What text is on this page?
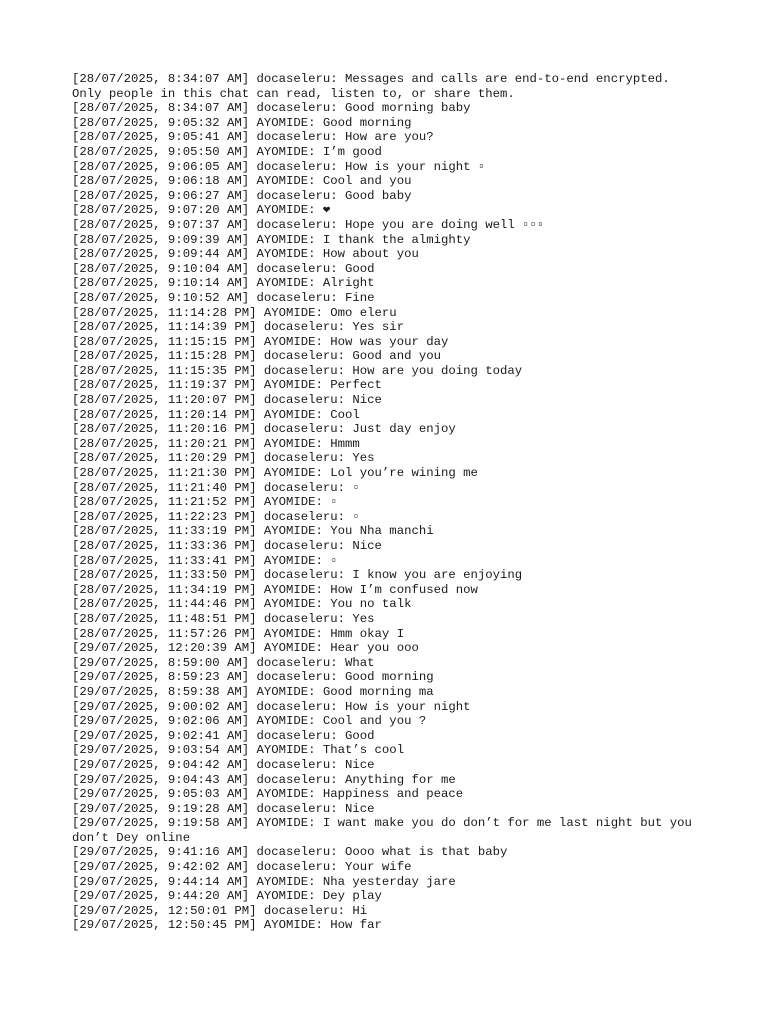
[28/07/2025, 8:34:07 AM] docaseleru: Messages and calls are end-to-end encrypted. Only people in this chat can read, listen to, or share them.
[28/07/2025, 8:34:07 AM] docaseleru: Good morning baby
[28/07/2025, 9:05:32 AM] AYOMIDE: Good morning
[28/07/2025, 9:05:41 AM] docaseleru: How are you?
[28/07/2025, 9:05:50 AM] AYOMIDE: I’m good
[28/07/2025, 9:06:05 AM] docaseleru: How is your night ▫
[28/07/2025, 9:06:18 AM] AYOMIDE: Cool and you
[28/07/2025, 9:06:27 AM] docaseleru: Good baby
[28/07/2025, 9:07:20 AM] AYOMIDE: ❤
[28/07/2025, 9:07:37 AM] docaseleru: Hope you are doing well ▫▫▫
[28/07/2025, 9:09:39 AM] AYOMIDE: I thank the almighty
[28/07/2025, 9:09:44 AM] AYOMIDE: How about you
[28/07/2025, 9:10:04 AM] docaseleru: Good
[28/07/2025, 9:10:14 AM] AYOMIDE: Alright
[28/07/2025, 9:10:52 AM] docaseleru: Fine
[28/07/2025, 11:14:28 PM] AYOMIDE: Omo eleru
[28/07/2025, 11:14:39 PM] docaseleru: Yes sir
[28/07/2025, 11:15:15 PM] AYOMIDE: How was your day
[28/07/2025, 11:15:28 PM] docaseleru: Good and you
[28/07/2025, 11:15:35 PM] docaseleru: How are you doing today
[28/07/2025, 11:19:37 PM] AYOMIDE: Perfect
[28/07/2025, 11:20:07 PM] docaseleru: Nice
[28/07/2025, 11:20:14 PM] AYOMIDE: Cool
[28/07/2025, 11:20:16 PM] docaseleru: Just day enjoy
[28/07/2025, 11:20:21 PM] AYOMIDE: Hmmm
[28/07/2025, 11:20:29 PM] docaseleru: Yes
[28/07/2025, 11:21:30 PM] AYOMIDE: Lol you’re wining me
[28/07/2025, 11:21:40 PM] docaseleru: ▫
[28/07/2025, 11:21:52 PM] AYOMIDE: ▫
[28/07/2025, 11:22:23 PM] docaseleru: ▫
[28/07/2025, 11:33:19 PM] AYOMIDE: You Nha manchi
[28/07/2025, 11:33:36 PM] docaseleru: Nice
[28/07/2025, 11:33:41 PM] AYOMIDE: ▫
[28/07/2025, 11:33:50 PM] docaseleru: I know you are enjoying
[28/07/2025, 11:34:19 PM] AYOMIDE: How I’m confused now
[28/07/2025, 11:44:46 PM] AYOMIDE: You no talk
[28/07/2025, 11:48:51 PM] docaseleru: Yes
[28/07/2025, 11:57:26 PM] AYOMIDE: Hmm okay I
[29/07/2025, 12:20:39 AM] AYOMIDE: Hear you ooo
[29/07/2025, 8:59:00 AM] docaseleru: What
[29/07/2025, 8:59:23 AM] docaseleru: Good morning
[29/07/2025, 8:59:38 AM] AYOMIDE: Good morning ma
[29/07/2025, 9:00:02 AM] docaseleru: How is your night
[29/07/2025, 9:02:06 AM] AYOMIDE: Cool and you ?
[29/07/2025, 9:02:41 AM] docaseleru: Good
[29/07/2025, 9:03:54 AM] AYOMIDE: That’s cool
[29/07/2025, 9:04:42 AM] docaseleru: Nice
[29/07/2025, 9:04:43 AM] docaseleru: Anything for me
[29/07/2025, 9:05:03 AM] AYOMIDE: Happiness and peace
[29/07/2025, 9:19:28 AM] docaseleru: Nice
[29/07/2025, 9:19:58 AM] AYOMIDE: I want make you do don’t for me last night but you don’t Dey online
[29/07/2025, 9:41:16 AM] docaseleru: Oooo what is that baby
[29/07/2025, 9:42:02 AM] docaseleru: Your wife
[29/07/2025, 9:44:14 AM] AYOMIDE: Nha yesterday jare
[29/07/2025, 9:44:20 AM] AYOMIDE: Dey play
[29/07/2025, 12:50:01 PM] docaseleru: Hi
[29/07/2025, 12:50:45 PM] AYOMIDE: How far
